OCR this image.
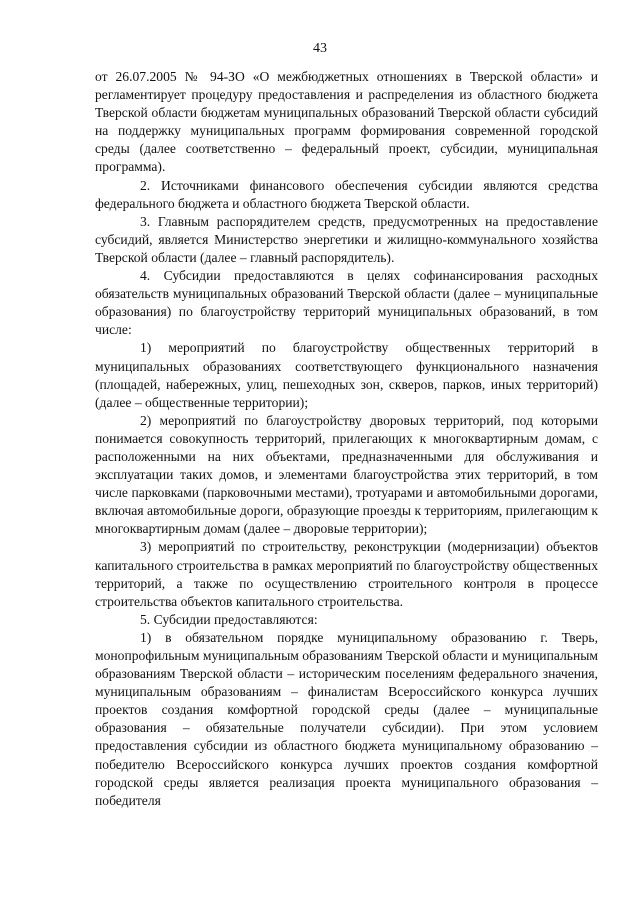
43

от 26.07.2005 № 94-ЗО «О межбюджетных отношениях в Тверской области» и регламентирует процедуру предоставления и распределения из областного бюджета Тверской области бюджетам муниципальных образований Тверской области субсидий на поддержку муниципальных программ формирования современной городской среды (далее соответственно – федеральный проект, субсидии, муниципальная программа).

2. Источниками финансового обеспечения субсидии являются средства федерального бюджета и областного бюджета Тверской области.

3. Главным распорядителем средств, предусмотренных на предоставление субсидий, является Министерство энергетики и жилищно-коммунального хозяйства Тверской области (далее – главный распорядитель).

4. Субсидии предоставляются в целях софинансирования расходных обязательств муниципальных образований Тверской области (далее – муниципальные образования) по благоустройству территорий муниципальных образований, в том числе:

1) мероприятий по благоустройству общественных территорий в муниципальных образованиях соответствующего функционального назначения (площадей, набережных, улиц, пешеходных зон, скверов, парков, иных территорий) (далее – общественные территории);

2) мероприятий по благоустройству дворовых территорий, под которыми понимается совокупность территорий, прилегающих к многоквартирным домам, с расположенными на них объектами, предназначенными для обслуживания и эксплуатации таких домов, и элементами благоустройства этих территорий, в том числе парковками (парковочными местами), тротуарами и автомобильными дорогами, включая автомобильные дороги, образующие проезды к территориям, прилегающим к многоквартирным домам (далее – дворовые территории);

3) мероприятий по строительству, реконструкции (модернизации) объектов капитального строительства в рамках мероприятий по благоустройству общественных территорий, а также по осуществлению строительного контроля в процессе строительства объектов капитального строительства.

5. Субсидии предоставляются:

1) в обязательном порядке муниципальному образованию г. Тверь, монопрофильным муниципальным образованиям Тверской области и муниципальным образованиям Тверской области – историческим поселениям федерального значения, муниципальным образованиям – финалистам Всероссийского конкурса лучших проектов создания комфортной городской среды (далее – муниципальные образования – обязательные получатели субсидии). При этом условием предоставления субсидии из областного бюджета муниципальному образованию – победителю Всероссийского конкурса лучших проектов создания комфортной городской среды является реализация проекта муниципального образования – победителя
